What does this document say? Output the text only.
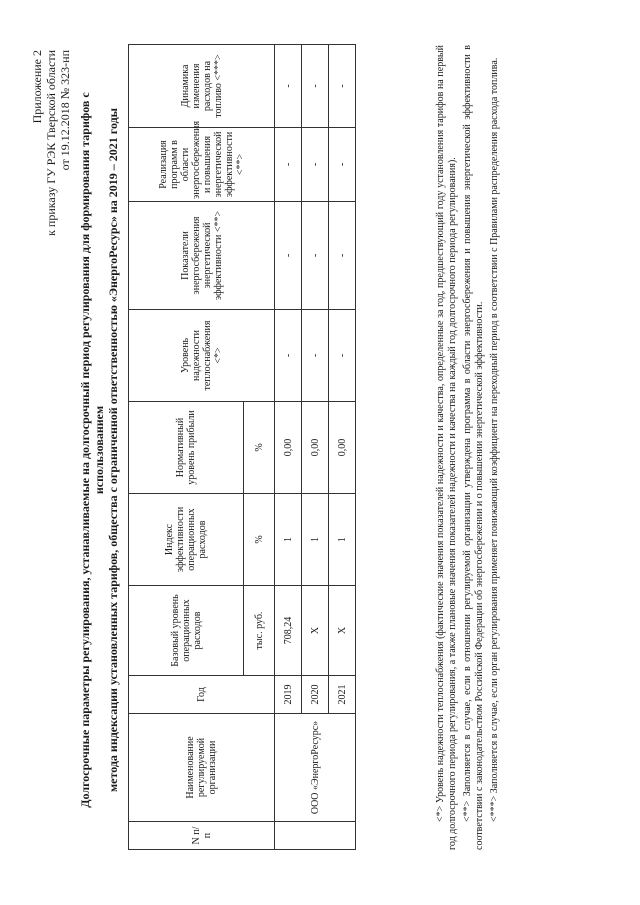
Приложение 2 к приказу ГУ РЭК Тверской области от 19.12.2018 № 323-нп Долгосрочные параметры регулирования, устанавливаемые на долгосрочный период регулирования для формирования тарифов с использованием метода индексации установленных тарифов, общества с ограниченной ответственностью «ЭнергоРесурс» на 2019 – 2021 годы
N п/п	Наименование регулируемой организации	Год	Базовый уровень операционных расходов	Индекс эффективности операционных расходов	Нормативный уровень прибыли	Уровень надежности теплоснабжения <*>	Показатели энергосбережения энергетической эффективности <**>	Реализация программ в области энергосбережения и повышения энергетической эффективности <**>	Динамика изменения расходов на топливо <***>
			тыс. руб.	%	%				
	ООО «ЭнергоРесурс»	2019	708,24	1	0,00	-	-	-	-
		2020	Х	1	0,00	-	-	-	-
		2021	Х	1	0,00	-	-	-	-	<*> Уровень надежности теплоснабжения (фактические значения показателей надежности и качества, определенные за год, предшествующий году установления тарифов на первый год долгосрочного периода регулирования, а также плановые значения показателей надежности и качества на каждый год долгосрочного периода регулирования). <**> Заполняется в случае, если в отношении регулируемой организации утверждена программа в области энергосбережения и повышения энергетической эффективности в соответствии с законодательством Российской Федерации об энергосбережении и о повышении энергетической эффективности. <***> Заполняется в случае, если орган регулирования применяет понижающий коэффициент на переходный период в соответствии с Правилами распределения расхода топлива.
